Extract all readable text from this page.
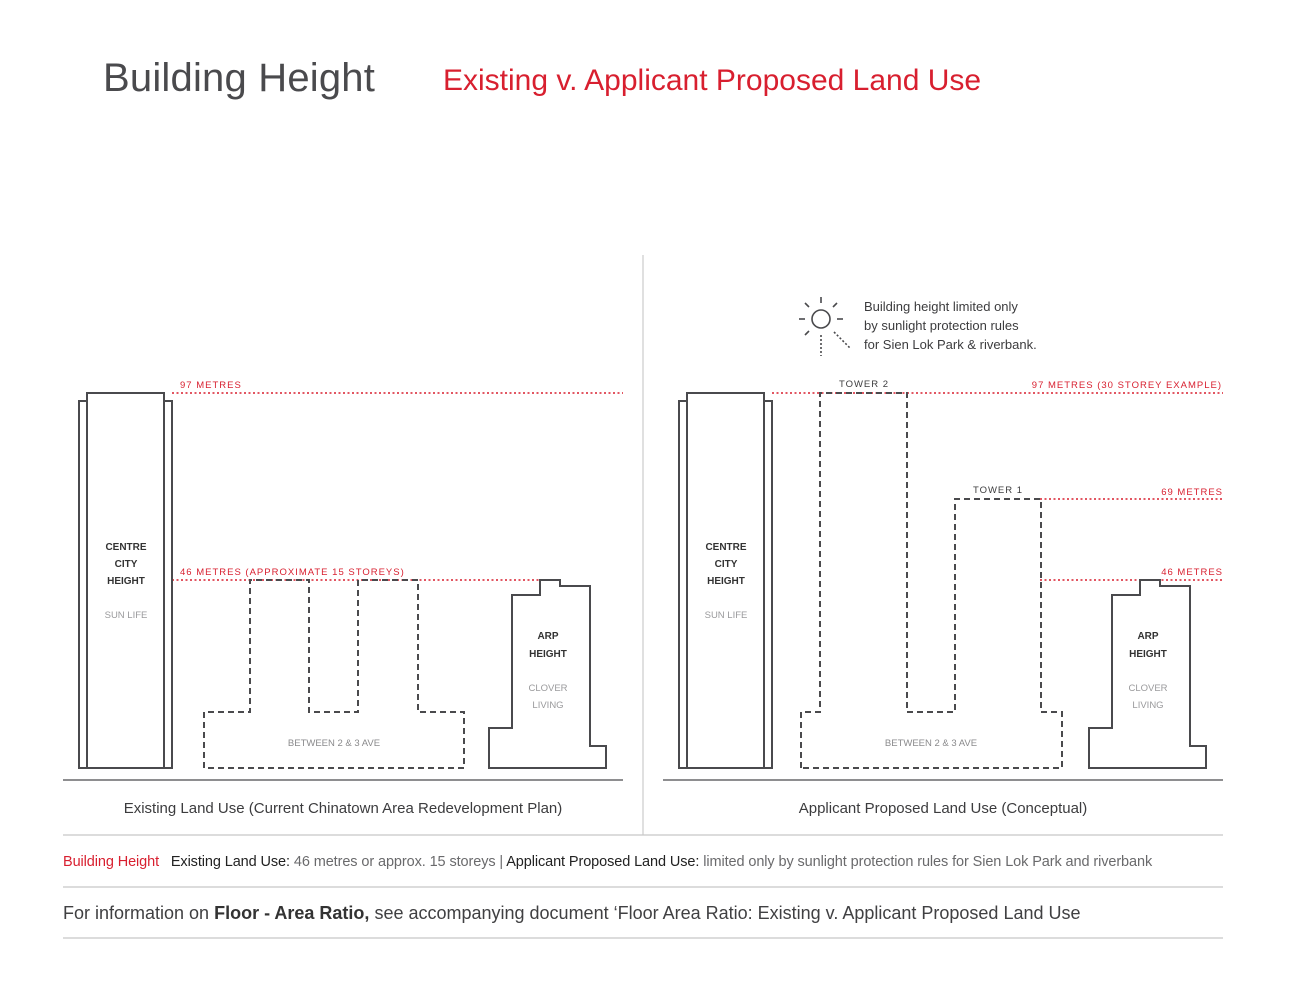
Building Height Existing v. Applicant Proposed Land Use
97 METRES
46 METRES (APPROXIMATE 15 STOREYS)
CENTRE
CITY
HEIGHT
SUN LIFE
BETWEEN 2 & 3 AVE
ARP
HEIGHT
CLOVER
LIVING
Existing Land Use (Current Chinatown Area Redevelopment Plan)
Building height limited only
by sunlight protection rules
for Sien Lok Park & riverbank.
97 METRES (30 STOREY EXAMPLE)
69 METRES
46 METRES
CENTRE
CITY
HEIGHT
SUN LIFE
TOWER 2
TOWER 1
BETWEEN 2 & 3 AVE
ARP
HEIGHT
CLOVER
LIVING
Applicant Proposed Land Use (Conceptual)
Building Height Existing Land Use: 46 metres or approx. 15 storeys | Applicant Proposed Land Use: limited only by sunlight protection rules for Sien Lok Park and riverbank
For information on Floor - Area Ratio, see accompanying document ‘Floor Area Ratio: Existing v. Applicant Proposed Land Use
